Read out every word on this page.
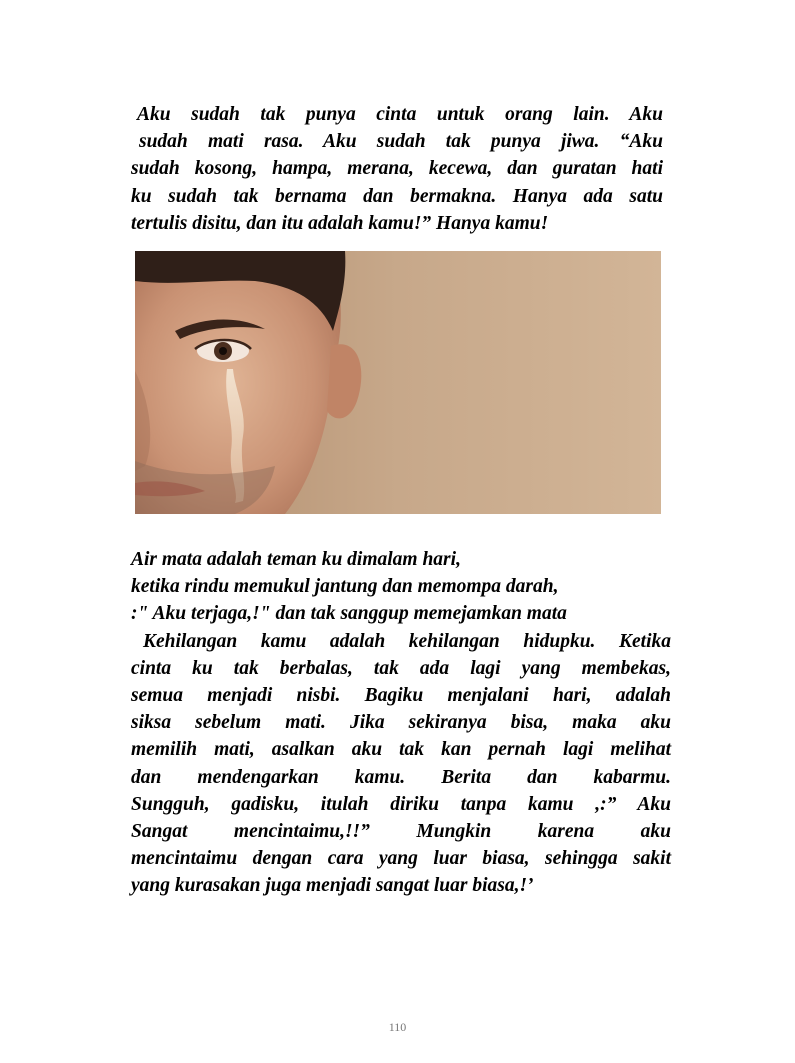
Aku sudah tak punya cinta untuk orang lain. Aku
sudah mati rasa. Aku sudah tak punya jiwa. “Aku
sudah kosong, hampa, merana, kecewa, dan guratan hati
ku sudah tak bernama dan bermakna. Hanya ada satu
tertulis disitu, dan itu adalah kamu!” Hanya kamu!
Air mata adalah teman ku dimalam hari,
ketika rindu memukul jantung dan memompa darah,
:" Aku terjaga,!" dan tak sanggup memejamkan mata
Kehilangan kamu adalah kehilangan hidupku. Ketika
cinta ku tak berbalas, tak ada lagi yang membekas,
semua menjadi nisbi. Bagiku menjalani hari, adalah
siksa sebelum mati. Jika sekiranya bisa, maka aku
memilih mati, asalkan aku tak kan pernah lagi melihat
dan mendengarkan kamu. Berita dan kabarmu.
Sungguh, gadisku, itulah diriku tanpa kamu ,:” Aku
Sangat mencintaimu,!!” Mungkin karena aku
mencintaimu dengan cara yang luar biasa, sehingga sakit
yang kurasakan juga menjadi sangat luar biasa,!’
110
